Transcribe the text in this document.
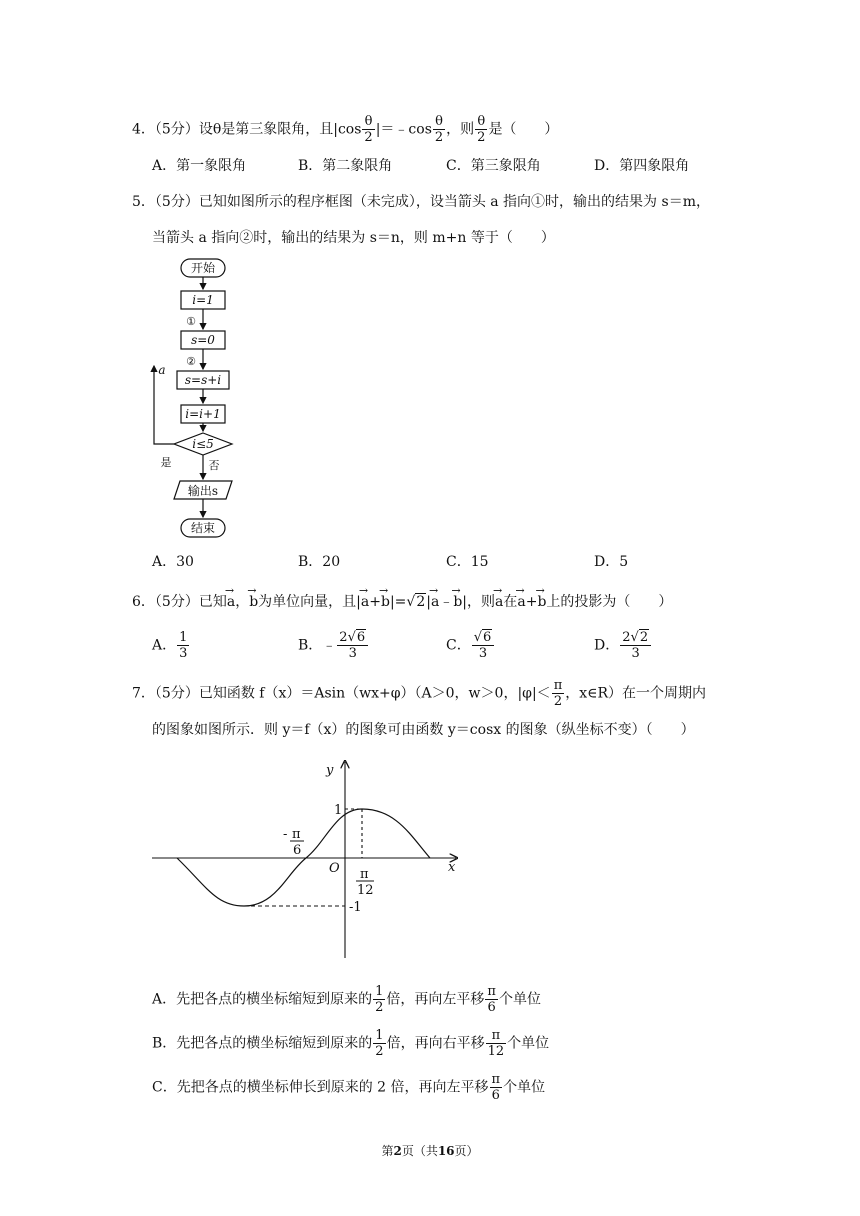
4．（5分）设θ是第三象限角，且$|\cos \frac{\theta}{2}$ |＝﹣cos $\frac{\theta}{2}$ ，则 $\frac{\theta}{2}$ 是（　　）
A．第一象限角	B．第二象限角	C．第三象限角	D．第四象限角
5．（5分）已知如图所示的程序框图（未完成），设当箭头 a 指向①时，输出的结果为 s＝m，
当箭头 a 指向②时，输出的结果为 s＝n，则 m+n 等于（　　）
开始
i=1
①
s=0
②
s=s+i
i=i+1
i≤5
否
是
输出s
结束
a
A．30	B．20	C．15	D．5
6．（5分）已知→ a，→ b为单位向量，且|→ a+→ b|=√2|→ a﹣→ b|，则→ a在→ a+→ b上的投影为（　　）
A． $\frac{1}{3}$	B．﹣ $\frac{2√6}{3}$	C． $\frac{√6}{3}$	D． $\frac{2√2}{3}$
7．（5分）已知函数 f（x）＝Asin（wx+φ）（A＞0，w＞0，$|\varphi|< \frac{\pi}{2}$ ，x∈R）在一个周期内
的图象如图所示．则 y＝f（x）的图象可由函数 y＝cosx 的图象（纵坐标不变）（　　）
y
x
O
1
-1
- π
6
π
12
A．先把各点的横坐标缩短到原来的 $\frac{1}{2}$ 倍，再向左平移 $\frac{\pi}{6}$ 个单位
B．先把各点的横坐标缩短到原来的 $\frac{1}{2}$ 倍，再向右平移 $\frac{\pi}{12}$ 个单位
C．先把各点的横坐标伸长到原来的 2 倍，再向左平移 $\frac{\pi}{6}$ 个单位
第2页（共16页）
